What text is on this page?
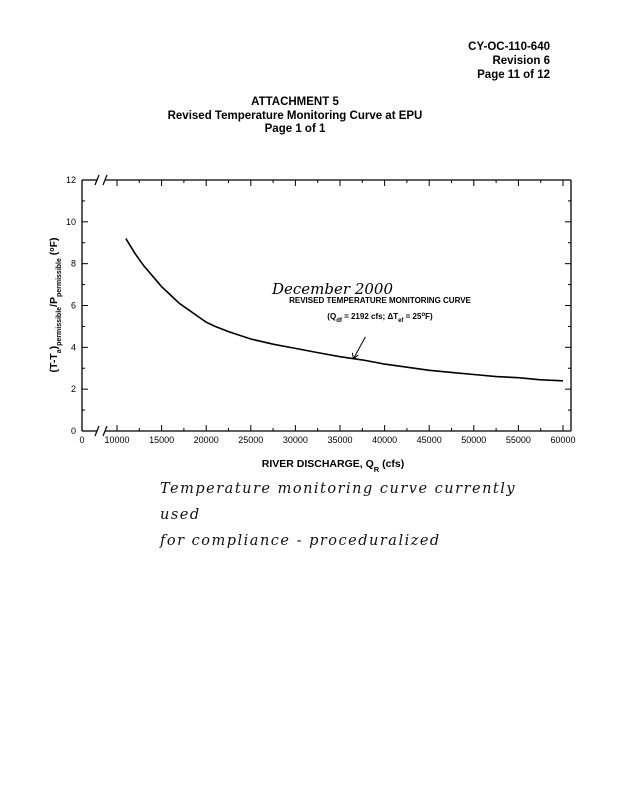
CY-OC-110-640
Revision 6
Page 11 of 12
ATTACHMENT 5
Revised Temperature Monitoring Curve at EPU
Page 1 of 1
0
2
4
6
8
10
12
0 10000 15000 20000 25000 30000 35000 40000 45000 50000 55000 60000
RIVER DISCHARGE, $Q_R$ (cfs)
$(T-T_a)_{permissible}/P_{permissible}$ ($^o$F)
December 2000
REVISED TEMPERATURE MONITORING CURVE
($Q_{df} = 2192$ cfs; $\Delta T_{ef} = 25^oF$)
Temperature monitoring curve currently used
for compliance - proceduralized
